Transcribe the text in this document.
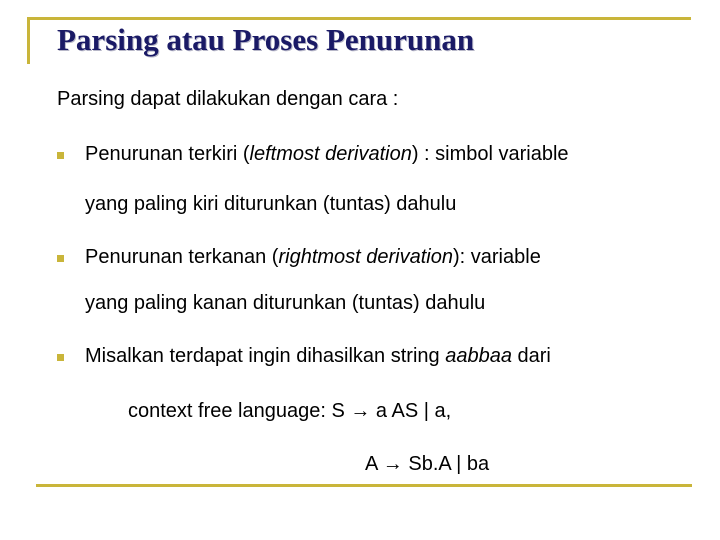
Parsing atau Proses Penurunan

Parsing dapat dilakukan dengan cara :

Penurunan terkiri (leftmost derivation) : simbol variable

yang paling kiri diturunkan (tuntas) dahulu

Penurunan terkanan (rightmost derivation): variable

yang paling kanan diturunkan (tuntas) dahulu

Misalkan terdapat ingin dihasilkan string aabbaa dari

context free language: S → a AS | a,

A → Sb.A | ba
